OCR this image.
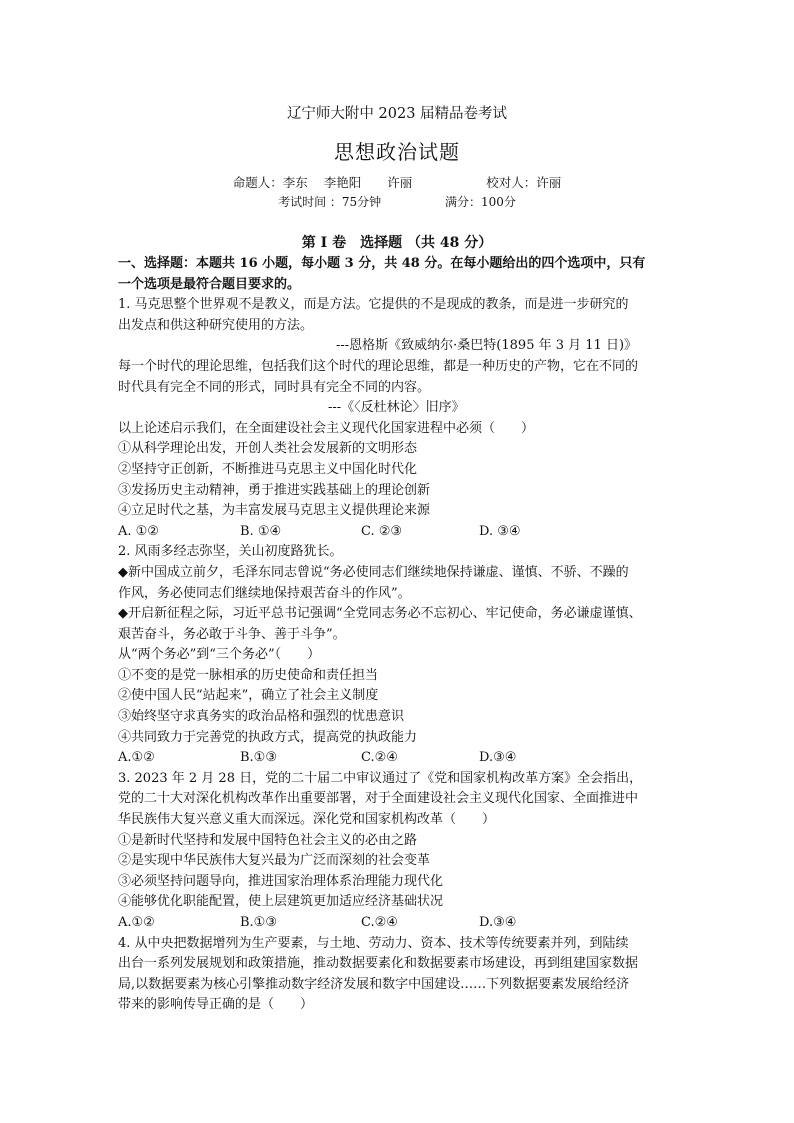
辽宁师大附中 2023 届精品卷考试
思想政治试题
命题人：李东 李艳阳 许丽	校对人：许丽
考试时间 ：75分钟	满分：100分
第 I 卷　选择题 （共 48 分）
一、选择题：本题共 16 小题，每小题 3 分，共 48 分。在每小题给出的四个选项中，只有
一个选项是最符合题目要求的。
1. 马克思整个世界观不是教义，而是方法。它提供的不是现成的教条，而是进一步研究的
出发点和供这种研究使用的方法。
---恩格斯《致威纳尔·桑巴特(1895 年 3 月 11 日)》
每一个时代的理论思维，包括我们这个时代的理论思维，都是一种历史的产物，它在不同的
时代具有完全不同的形式，同时具有完全不同的内容。
---《〈反杜林论〉旧序》
以上论述启示我们，在全面建设社会主义现代化国家进程中必须（　　）
①从科学理论出发，开创人类社会发展新的文明形态
②坚持守正创新，不断推进马克思主义中国化时代化
③发扬历史主动精神，勇于推进实践基础上的理论创新
④立足时代之基，为丰富发展马克思主义提供理论来源
A. ①②	B. ①④	C. ②③	D. ③④
2. 风雨多经志弥坚，关山初度路犹长。
◆新中国成立前夕，毛泽东同志曾说“务必使同志们继续地保持谦虚、谨慎、不骄、不躁的
作风，务必使同志们继续地保持艰苦奋斗的作风”。
◆开启新征程之际，习近平总书记强调“全党同志务必不忘初心、牢记使命，务必谦虚谨慎、
艰苦奋斗，务必敢于斗争、善于斗争”。
从“两个务必”到“三个务必”（　　）
①不变的是党一脉相承的历史使命和责任担当
②使中国人民“站起来”，确立了社会主义制度
③始终坚守求真务实的政治品格和强烈的忧患意识
④共同致力于完善党的执政方式，提高党的执政能力
A.①②	B.①③	C.②④	D.③④
3. 2023 年 2 月 28 日，党的二十届二中审议通过了《党和国家机构改革方案》全会指出，
党的二十大对深化机构改革作出重要部署，对于全面建设社会主义现代化国家、全面推进中
华民族伟大复兴意义重大而深远。深化党和国家机构改革（　　）
①是新时代坚持和发展中国特色社会主义的必由之路
②是实现中华民族伟大复兴最为广泛而深刻的社会变革
③必须坚持问题导向，推进国家治理体系治理能力现代化
④能够优化职能配置，使上层建筑更加适应经济基础状况
A.①②	B.①③	C.②④	D.③④
4. 从中央把数据增列为生产要素，与土地、劳动力、资本、技术等传统要素并列，到陆续
出台一系列发展规划和政策措施，推动数据要素化和数据要素市场建设，再到组建国家数据
局,以数据要素为核心引擎推动数字经济发展和数字中国建设……下列数据要素发展给经济
带来的影响传导正确的是（　　）
